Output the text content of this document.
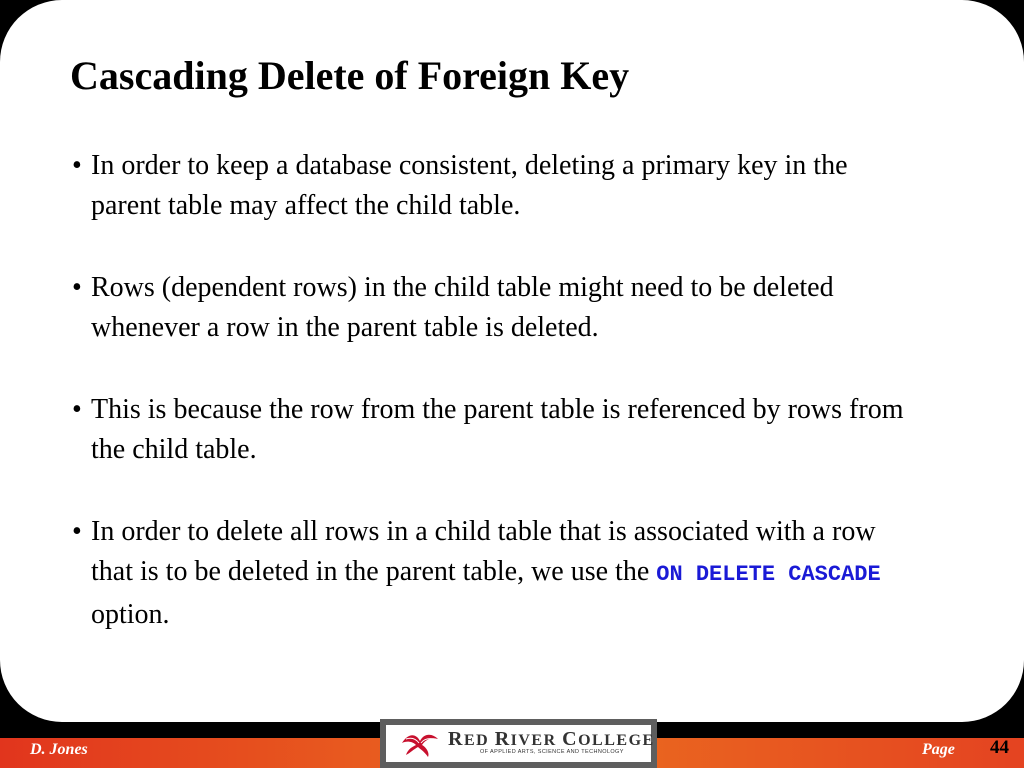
Cascading Delete of Foreign Key
• In order to keep a database consistent, deleting a primary key in the parent table may affect the child table.
• Rows (dependent rows) in the child table might need to be deleted whenever a row in the parent table is deleted.
• This is because the row from the parent table is referenced by rows from the child table.
• In order to delete all rows in a child table that is associated with a row that is to be deleted in the parent table, we use the ON DELETE CASCADE option.
D. Jones	Page 44
RED RIVER COLLEGE
OF APPLIED ARTS, SCIENCE AND TECHNOLOGY
